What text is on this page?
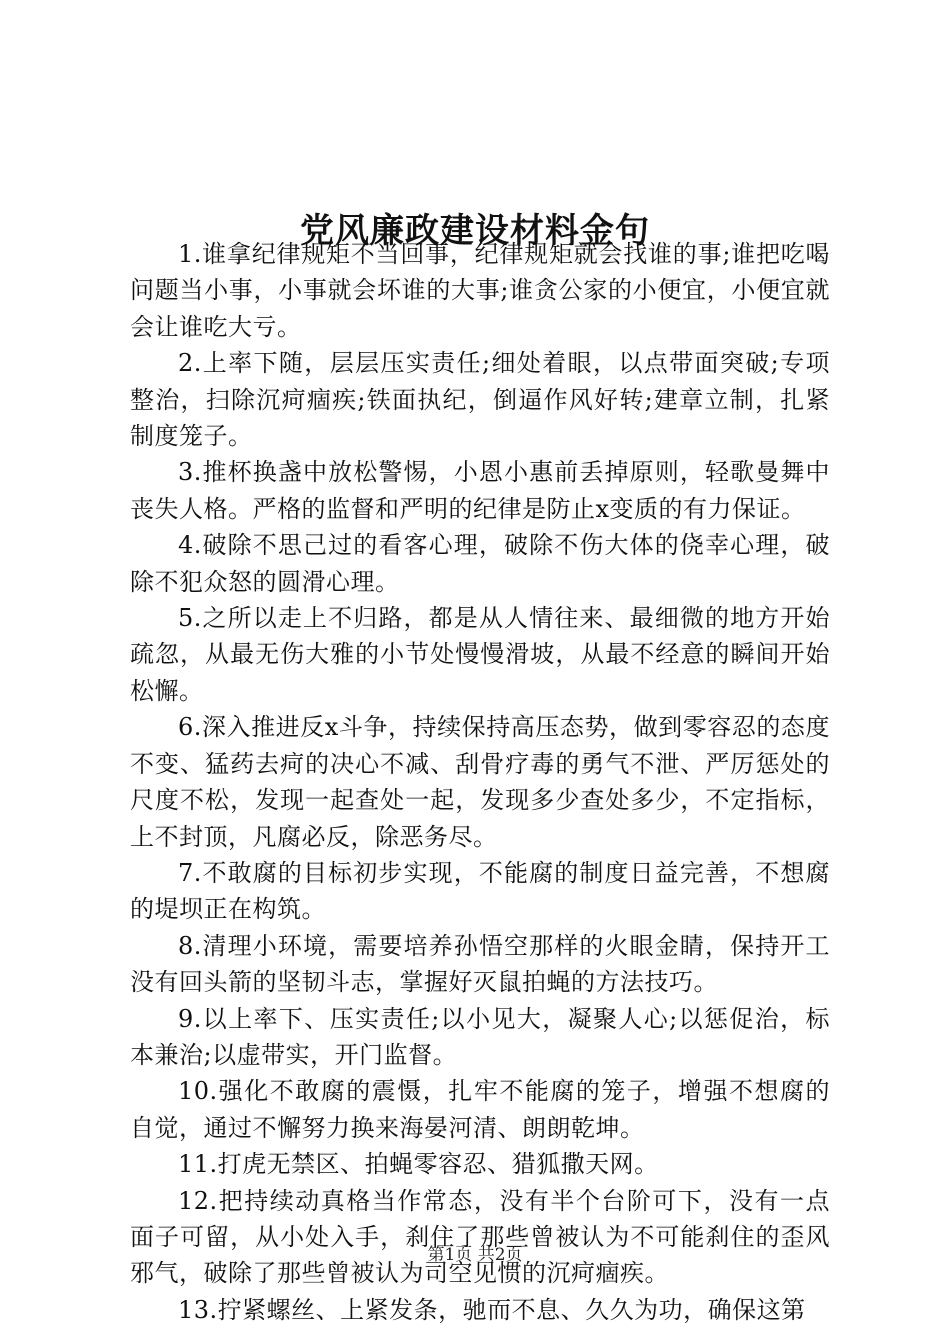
党风廉政建设材料金句

1.谁拿纪律规矩不当回事，纪律规矩就会找谁的事;谁把吃喝问题当小事，小事就会坏谁的大事;谁贪公家的小便宜，小便宜就会让谁吃大亏。

2.上率下随，层层压实责任;细处着眼，以点带面突破;专项整治，扫除沉疴痼疾;铁面执纪，倒逼作风好转;建章立制，扎紧制度笼子。

3.推杯换盏中放松警惕，小恩小惠前丢掉原则，轻歌曼舞中丧失人格。严格的监督和严明的纪律是防止x变质的有力保证。

4.破除不思己过的看客心理，破除不伤大体的侥幸心理，破除不犯众怒的圆滑心理。

5.之所以走上不归路，都是从人情往来、最细微的地方开始疏忽，从最无伤大雅的小节处慢慢滑坡，从最不经意的瞬间开始松懈。

6.深入推进反x斗争，持续保持高压态势，做到零容忍的态度不变、猛药去疴的决心不减、刮骨疗毒的勇气不泄、严厉惩处的尺度不松，发现一起查处一起，发现多少查处多少，不定指标，上不封顶，凡腐必反，除恶务尽。

7.不敢腐的目标初步实现，不能腐的制度日益完善，不想腐的堤坝正在构筑。

8.清理小环境，需要培养孙悟空那样的火眼金睛，保持开工没有回头箭的坚韧斗志，掌握好灭鼠拍蝇的方法技巧。

9.以上率下、压实责任;以小见大，凝聚人心;以惩促治，标本兼治;以虚带实，开门监督。

10.强化不敢腐的震慑，扎牢不能腐的笼子，增强不想腐的自觉，通过不懈努力换来海晏河清、朗朗乾坤。

11.打虎无禁区、拍蝇零容忍、猎狐撒天网。

12.把持续动真格当作常态，没有半个台阶可下，没有一点面子可留，从小处入手，刹住了那些曾被认为不可能刹住的歪风邪气，破除了那些曾被认为司空见惯的沉疴痼疾。

13.拧紧螺丝、上紧发条，驰而不息、久久为功，确保这第

第1页 共2页
